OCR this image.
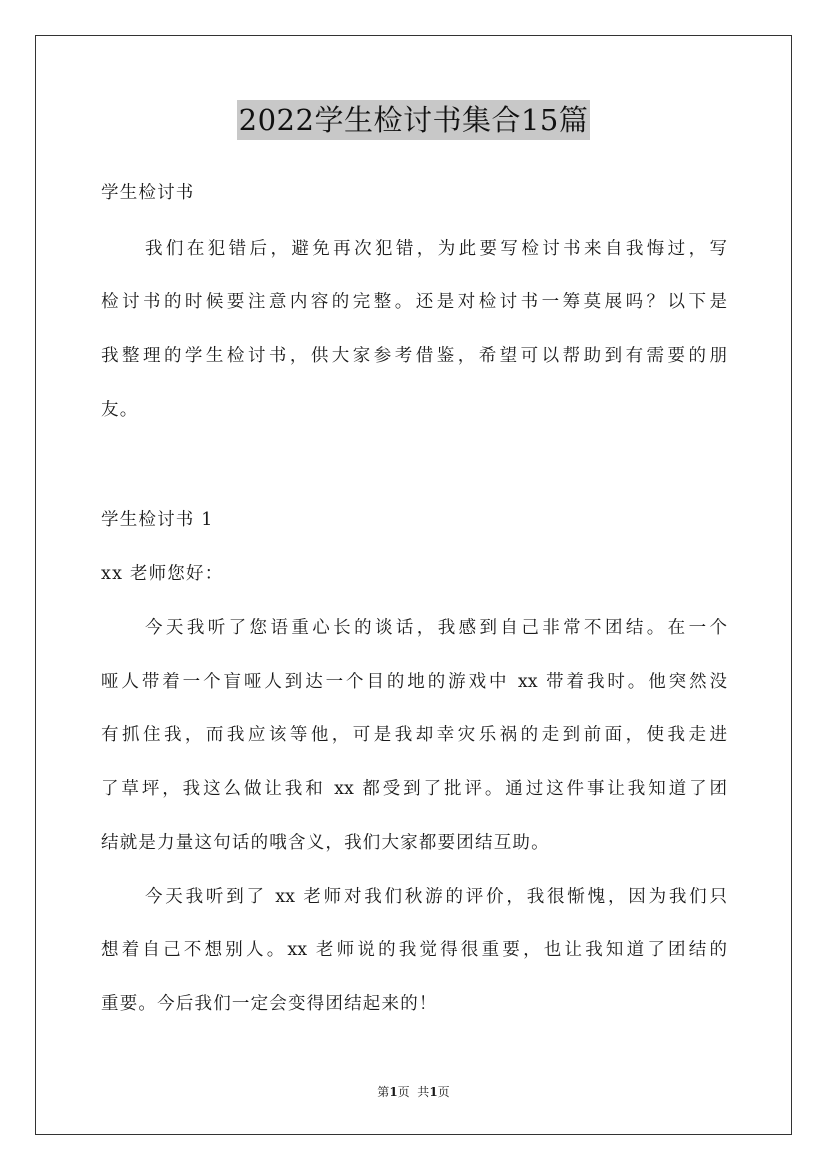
2022学生检讨书集合15篇
学生检讨书
我们在犯错后，避免再次犯错，为此要写检讨书来自我悔过，写
检讨书的时候要注意内容的完整。还是对检讨书一筹莫展吗？以下是
我整理的学生检讨书，供大家参考借鉴，希望可以帮助到有需要的朋
友。
学生检讨书 1
xx 老师您好：
今天我听了您语重心长的谈话，我感到自己非常不团结。在一个
哑人带着一个盲哑人到达一个目的地的游戏中 xx 带着我时。他突然没
有抓住我，而我应该等他，可是我却幸灾乐祸的走到前面，使我走进
了草坪，我这么做让我和 xx 都受到了批评。通过这件事让我知道了团
结就是力量这句话的哦含义，我们大家都要团结互助。
今天我听到了 xx 老师对我们秋游的评价，我很惭愧，因为我们只
想着自己不想别人。xx 老师说的我觉得很重要，也让我知道了团结的
重要。今后我们一定会变得团结起来的！
第1页  共1页
